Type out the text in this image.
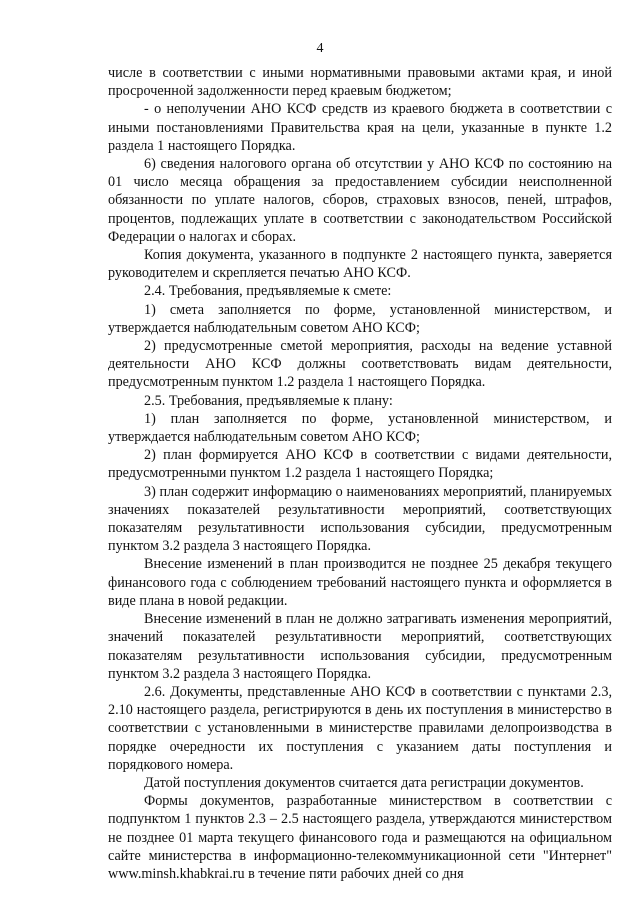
4

числе в соответствии с иными нормативными правовыми актами края, и иной просроченной задолженности перед краевым бюджетом;

- о неполучении АНО КСФ средств из краевого бюджета в соответствии с иными постановлениями Правительства края на цели, указанные в пункте 1.2 раздела 1 настоящего Порядка.

6) сведения налогового органа об отсутствии у АНО КСФ по состоянию на 01 число месяца обращения за предоставлением субсидии неисполненной обязанности по уплате налогов, сборов, страховых взносов, пеней, штрафов, процентов, подлежащих уплате в соответствии с законодательством Российской Федерации о налогах и сборах.

Копия документа, указанного в подпункте 2 настоящего пункта, заверяется руководителем и скрепляется печатью АНО КСФ.

2.4. Требования, предъявляемые к смете:

1) смета заполняется по форме, установленной министерством, и утверждается наблюдательным советом АНО КСФ;

2) предусмотренные сметой мероприятия, расходы на ведение уставной деятельности АНО КСФ должны соответствовать видам деятельности, предусмотренным пунктом 1.2 раздела 1 настоящего Порядка.

2.5. Требования, предъявляемые к плану:

1) план заполняется по форме, установленной министерством, и утверждается наблюдательным советом АНО КСФ;

2) план формируется АНО КСФ в соответствии с видами деятельности, предусмотренными пунктом 1.2 раздела 1 настоящего Порядка;

3) план содержит информацию о наименованиях мероприятий, планируемых значениях показателей результативности мероприятий, соответствующих показателям результативности использования субсидии, предусмотренным пунктом 3.2 раздела 3 настоящего Порядка.

Внесение изменений в план производится не позднее 25 декабря текущего финансового года с соблюдением требований настоящего пункта и оформляется в виде плана в новой редакции.

Внесение изменений в план не должно затрагивать изменения мероприятий, значений показателей результативности мероприятий, соответствующих показателям результативности использования субсидии, предусмотренным пунктом 3.2 раздела 3 настоящего Порядка.

2.6. Документы, представленные АНО КСФ в соответствии с пунктами 2.3, 2.10 настоящего раздела, регистрируются в день их поступления в министерство в соответствии с установленными в министерстве правилами делопроизводства в порядке очередности их поступления с указанием даты поступления и порядкового номера.

Датой поступления документов считается дата регистрации документов.

Формы документов, разработанные министерством в соответствии с подпунктом 1 пунктов 2.3 – 2.5 настоящего раздела, утверждаются министерством не позднее 01 марта текущего финансового года и размещаются на официальном сайте министерства в информационно-телекоммуникационной сети "Интернет" www.minsh.khabkrai.ru в течение пяти рабочих дней со дня
